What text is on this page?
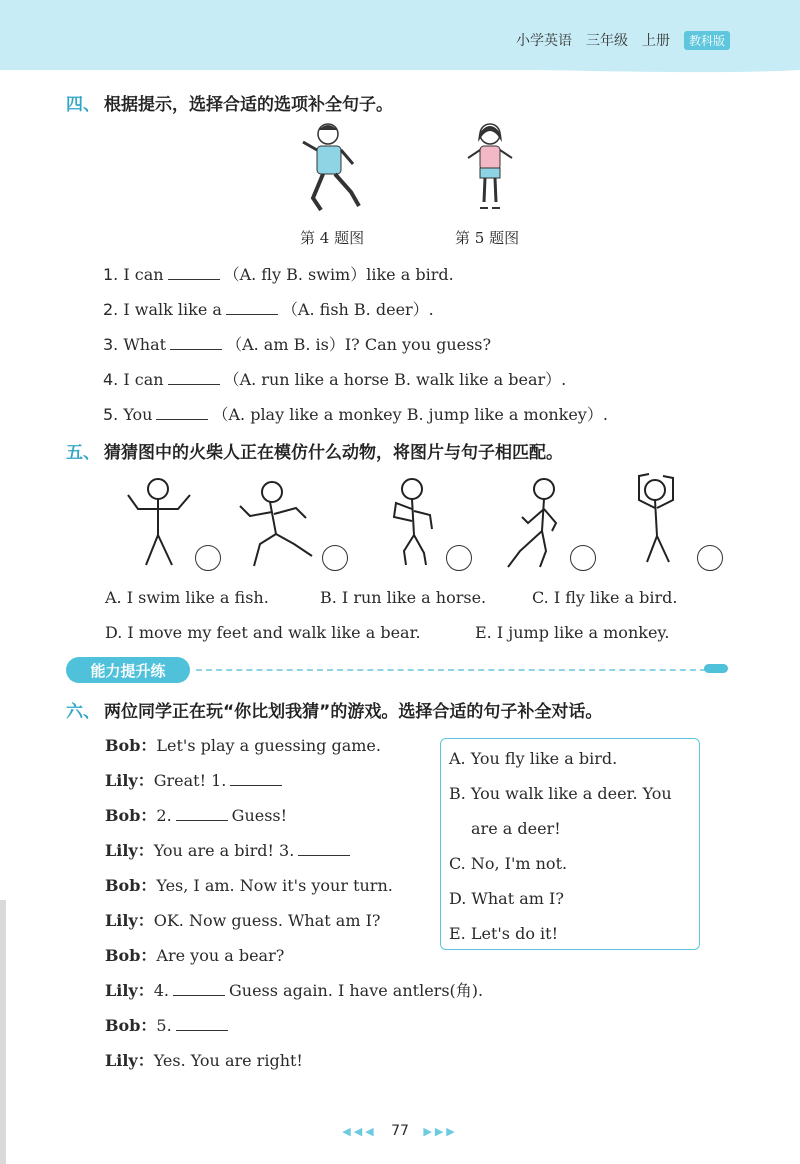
小学英语 三年级 上册	教科版
四、 根据提示，选择合适的选项补全句子。
第 4 题图	第 5 题图
1. I can	（A. fly B. swim）like a bird.
2. I walk like a	（A. fish B. deer）.
3. What	（A. am B. is）I? Can you guess?
4. I can	（A. run like a horse B. walk like a bear）.
5. You	（A. play like a monkey B. jump like a monkey）.
五、 猜猜图中的火柴人正在模仿什么动物，将图片与句子相匹配。
A. I swim like a fish.	B. I run like a horse.	C. I fly like a bird.
D. I move my feet and walk like a bear.	E. I jump like a monkey.
能力提升练
六、 两位同学正在玩“你比划我猜”的游戏。选择合适的句子补全对话。
Bob：Let's play a guessing game.
Lily：Great! 1.
Bob：2.	Guess!
Lily：You are a bird! 3.
Bob：Yes, I am. Now it's your turn.
Lily：OK. Now guess. What am I?
Bob：Are you a bear?
Lily：4.	Guess again. I have antlers(角).
Bob：5.
Lily：Yes. You are right!
A. You fly like a bird.
B. You walk like a deer. You
are a deer!
C. No, I'm not.
D. What am I?
E. Let's do it!
◀◀◀ 77 ▶▶▶
